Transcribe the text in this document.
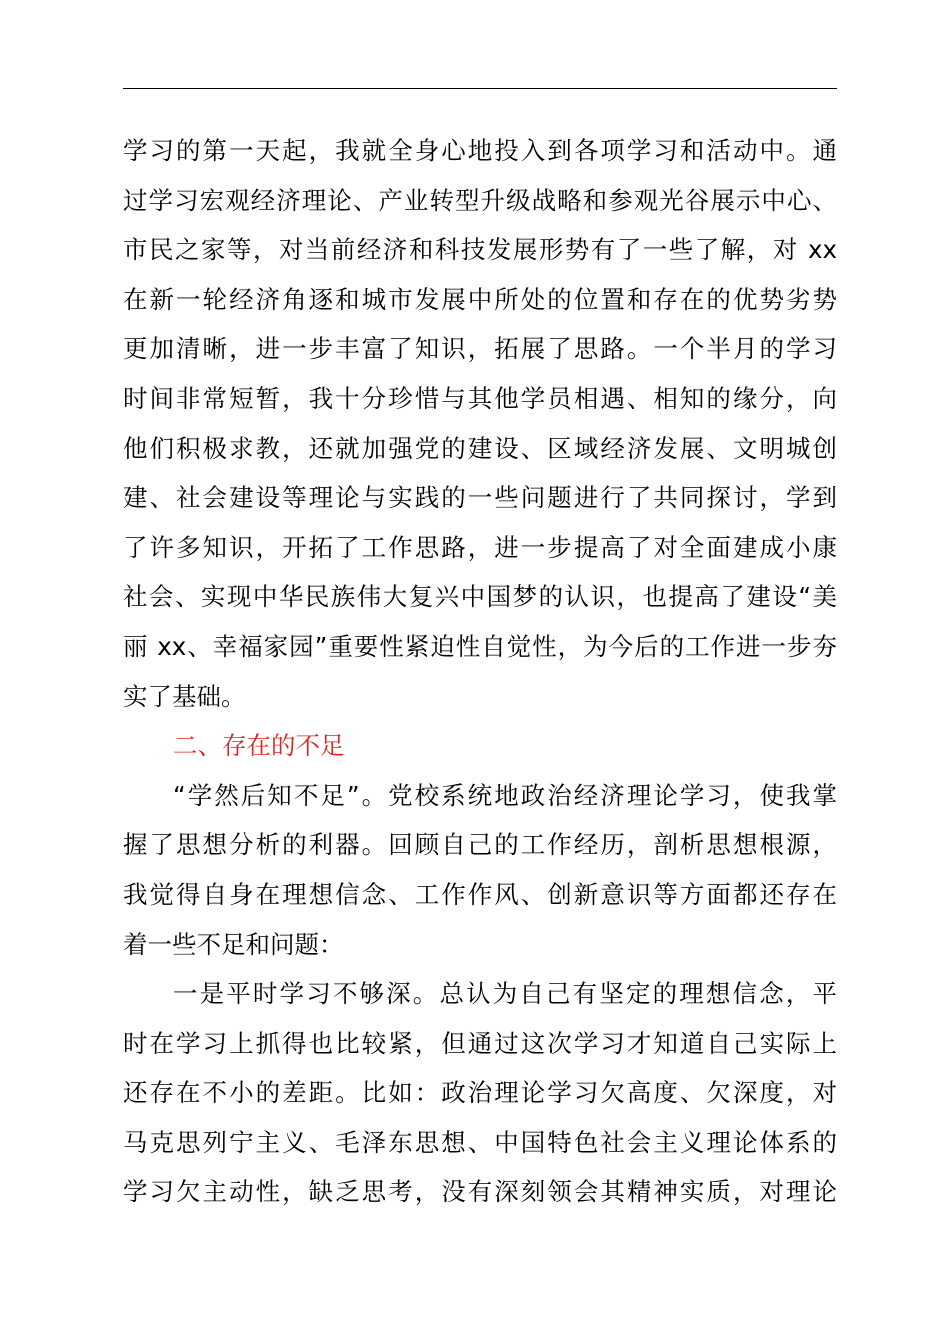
学习的第一天起，我就全身心地投入到各项学习和活动中。通
过学习宏观经济理论、产业转型升级战略和参观光谷展示中心、
市民之家等，对当前经济和科技发展形势有了一些了解，对 xx
在新一轮经济角逐和城市发展中所处的位置和存在的优势劣势
更加清晰，进一步丰富了知识，拓展了思路。一个半月的学习
时间非常短暂，我十分珍惜与其他学员相遇、相知的缘分，向
他们积极求教，还就加强党的建设、区域经济发展、文明城创
建、社会建设等理论与实践的一些问题进行了共同探讨，学到
了许多知识，开拓了工作思路，进一步提高了对全面建成小康
社会、实现中华民族伟大复兴中国梦的认识，也提高了建设“美
丽 xx、幸福家园”重要性紧迫性自觉性，为今后的工作进一步夯
实了基础。
二、存在的不足
“学然后知不足”。党校系统地政治经济理论学习，使我掌
握了思想分析的利器。回顾自己的工作经历，剖析思想根源，
我觉得自身在理想信念、工作作风、创新意识等方面都还存在
着一些不足和问题：
一是平时学习不够深。总认为自己有坚定的理想信念，平
时在学习上抓得也比较紧，但通过这次学习才知道自己实际上
还存在不小的差距。比如：政治理论学习欠高度、欠深度，对
马克思列宁主义、毛泽东思想、中国特色社会主义理论体系的
学习欠主动性，缺乏思考，没有深刻领会其精神实质，对理论
